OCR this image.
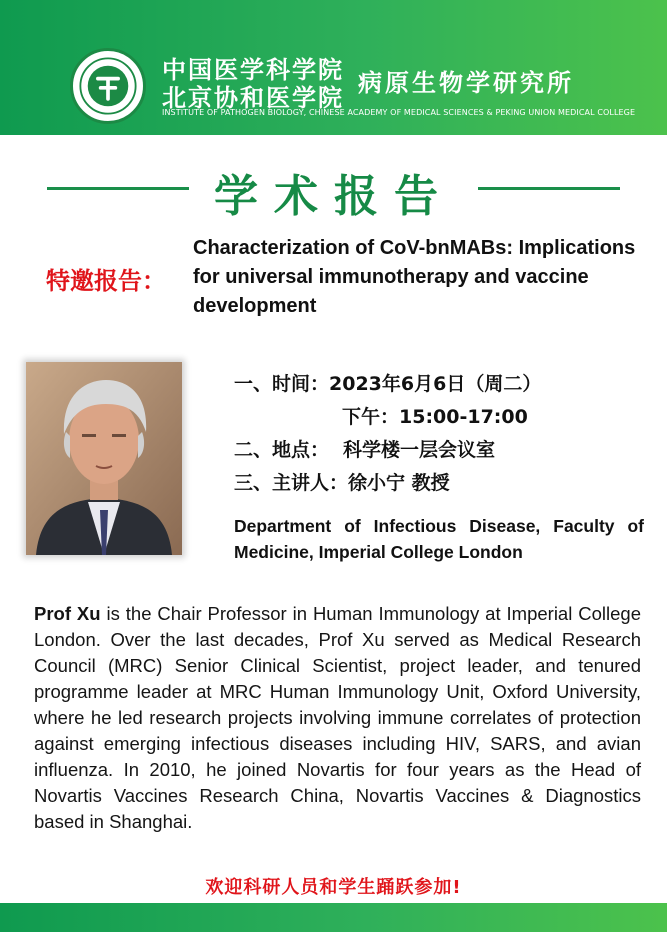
中国医学科学院
北京协和医学院
病原生物学研究所
INSTITUTE OF PATHOGEN BIOLOGY, CHINESE ACADEMY OF MEDICAL SCIENCES & PEKING UNION MEDICAL COLLEGE
学术报告
特邀报告：
Characterization of CoV-bnMABs: Implications for universal immunotherapy and vaccine development
一、时间：2023年6月6日（周二）
下午：15:00-17:00
二、地点： 科学楼一层会议室
三、主讲人：徐小宁 教授
Department of Infectious Disease, Faculty of Medicine, Imperial College London
Prof Xu is the Chair Professor in Human Immunology at Imperial College London. Over the last decades, Prof Xu served as Medical Research Council (MRC) Senior Clinical Scientist, project leader, and tenured programme leader at MRC Human Immunology Unit, Oxford University, where he led research projects involving immune correlates of protection against emerging infectious diseases including HIV, SARS, and avian influenza. In 2010, he joined Novartis for four years as the Head of Novartis Vaccines Research China, Novartis Vaccines & Diagnostics based in Shanghai.
欢迎科研人员和学生踊跃参加!
